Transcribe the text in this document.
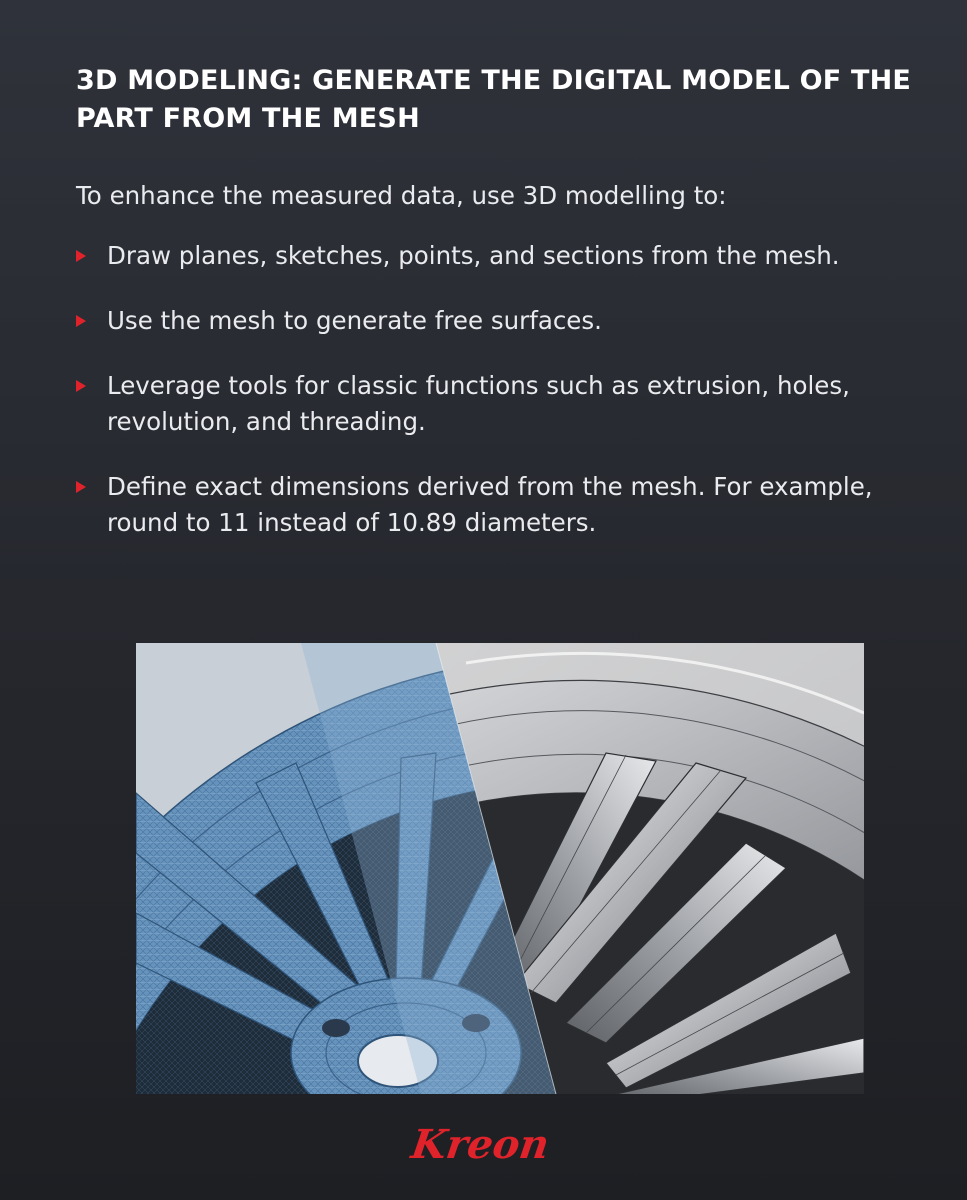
3D MODELING: GENERATE THE DIGITAL MODEL OF THE PART FROM THE MESH

To enhance the measured data, use 3D modelling to:

Draw planes, sketches, points, and sections from the mesh.
Use the mesh to generate free surfaces.
Leverage tools for classic functions such as extrusion, holes, revolution, and threading.
Define exact dimensions derived from the mesh. For example, round to 11 instead of 10.89 diameters.
Kreon
